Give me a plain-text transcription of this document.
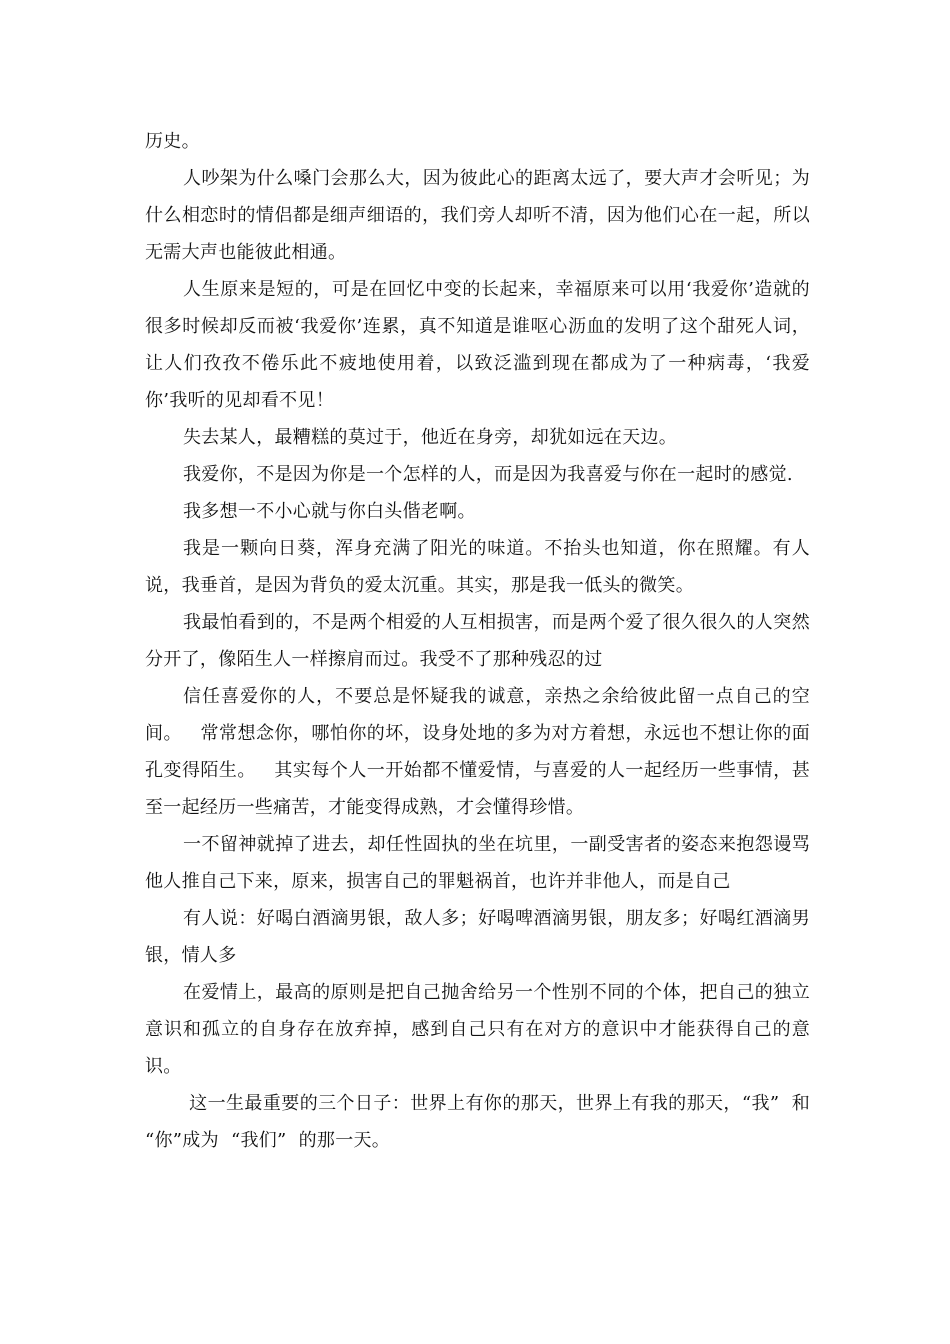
历史。

人吵架为什么嗓门会那么大，因为彼此心的距离太远了，要大声才会听见；为什么相恋时的情侣都是细声细语的，我们旁人却听不清，因为他们心在一起，所以无需大声也能彼此相通。

人生原来是短的，可是在回忆中变的长起来，幸福原来可以用‘我爱你’造就的很多时候却反而被‘我爱你’连累，真不知道是谁呕心沥血的发明了这个甜死人词，让人们孜孜不倦乐此不疲地使用着，以致泛滥到现在都成为了一种病毒，‘我爱你’我听的见却看不见！

失去某人，最糟糕的莫过于，他近在身旁，却犹如远在天边。

我爱你，不是因为你是一个怎样的人，而是因为我喜爱与你在一起时的感觉.

我多想一不小心就与你白头偕老啊。

我是一颗向日葵，浑身充满了阳光的味道。不抬头也知道，你在照耀。有人说，我垂首，是因为背负的爱太沉重。其实，那是我一低头的微笑。

我最怕看到的，不是两个相爱的人互相损害，而是两个爱了很久很久的人突然分开了，像陌生人一样擦肩而过。我受不了那种残忍的过

信任喜爱你的人，不要总是怀疑我的诚意，亲热之余给彼此留一点自己的空间。   常常想念你，哪怕你的坏，设身处地的多为对方着想，永远也不想让你的面孔变得陌生。   其实每个人一开始都不懂爱情，与喜爱的人一起经历一些事情，甚至一起经历一些痛苦，才能变得成熟，才会懂得珍惜。

一不留神就掉了进去，却任性固执的坐在坑里，一副受害者的姿态来抱怨谩骂他人推自己下来，原来，损害自己的罪魁祸首，也许并非他人，而是自己

有人说：好喝白酒滴男银，敌人多；好喝啤酒滴男银，朋友多；好喝红酒滴男银，情人多

在爱情上，最高的原则是把自己抛舍给另一个性别不同的个体，把自己的独立意识和孤立的自身存在放弃掉，感到自己只有在对方的意识中才能获得自己的意识。

这一生最重要的三个日子：世界上有你的那天，世界上有我的那天，“我”  和  “你”成为  “我们”  的那一天。
